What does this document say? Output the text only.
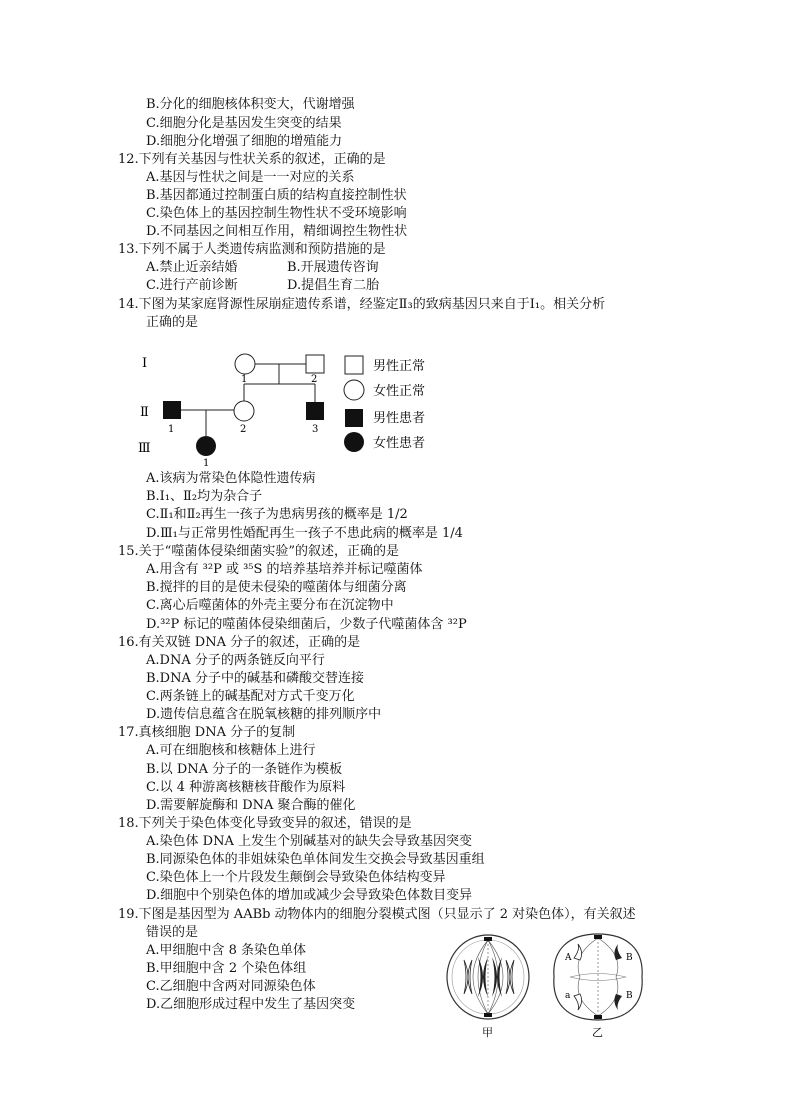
B.分化的细胞核体积变大，代谢增强
C.细胞分化是基因发生突变的结果
D.细胞分化增强了细胞的增殖能力
12.下列有关基因与性状关系的叙述，正确的是
A.基因与性状之间是一一对应的关系
B.基因都通过控制蛋白质的结构直接控制性状
C.染色体上的基因控制生物性状不受环境影响
D.不同基因之间相互作用，精细调控生物性状
13.下列不属于人类遗传病监测和预防措施的是
A.禁止近亲结婚	B.开展遗传咨询
C.进行产前诊断	D.提倡生育二胎
14.下图为某家庭肾源性尿崩症遗传系谱，经鉴定Ⅱ₃的致病基因只来自于Ⅰ₁。相关分析
正确的是
Ⅰ
Ⅱ
Ⅲ
1	2
1	2	3
1
男性正常
女性正常
男性患者
女性患者
A.该病为常染色体隐性遗传病
B.Ⅰ₁、Ⅱ₂均为杂合子
C.Ⅱ₁和Ⅱ₂再生一孩子为患病男孩的概率是 1/2
D.Ⅲ₁与正常男性婚配再生一孩子不患此病的概率是 1/4
15.关于“噬菌体侵染细菌实验”的叙述，正确的是
A.用含有 ³²P 或 ³⁵S 的培养基培养并标记噬菌体
B.搅拌的目的是使未侵染的噬菌体与细菌分离
C.离心后噬菌体的外壳主要分布在沉淀物中
D.³²P 标记的噬菌体侵染细菌后，少数子代噬菌体含 ³²P
16.有关双链 DNA 分子的叙述，正确的是
A.DNA 分子的两条链反向平行
B.DNA 分子中的碱基和磷酸交替连接
C.两条链上的碱基配对方式千变万化
D.遗传信息蕴含在脱氧核糖的排列顺序中
17.真核细胞 DNA 分子的复制
A.可在细胞核和核糖体上进行
B.以 DNA 分子的一条链作为模板
C.以 4 种游离核糖核苷酸作为原料
D.需要解旋酶和 DNA 聚合酶的催化
18.下列关于染色体变化导致变异的叙述，错误的是
A.染色体 DNA 上发生个别碱基对的缺失会导致基因突变
B.同源染色体的非姐妹染色单体间发生交换会导致基因重组
C.染色体上一个片段发生颠倒会导致染色体结构变异
D.细胞中个别染色体的增加或减少会导致染色体数目变异
19.下图是基因型为 AABb 动物体内的细胞分裂模式图（只显示了 2 对染色体），有关叙述
错误的是
A.甲细胞中含 8 条染色单体
B.甲细胞中含 2 个染色体组
C.乙细胞中含两对同源染色体
D.乙细胞形成过程中发生了基因突变
甲
A
a
B
B
乙
